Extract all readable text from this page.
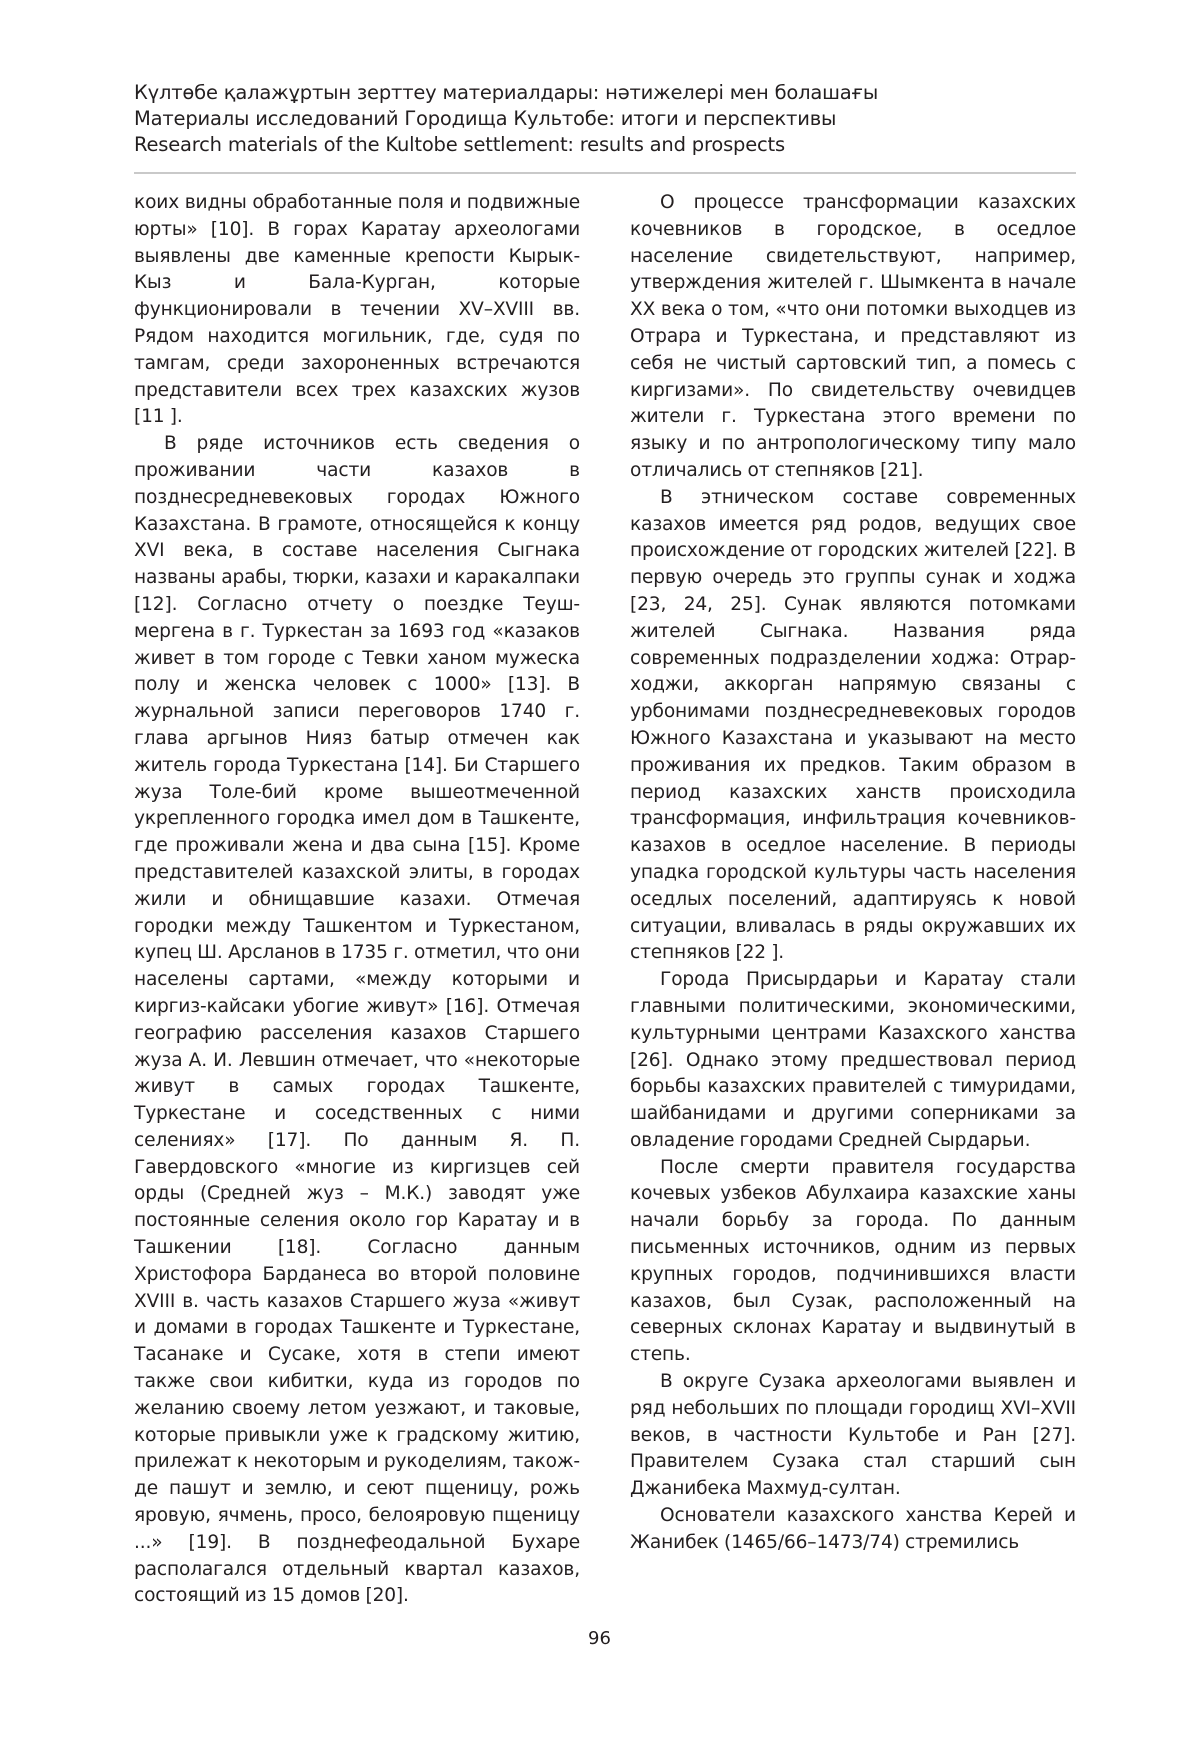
Күлтөбе қалажұртын зерттеу материалдары: нәтижелері мен болашағы
Материалы исследований Городища Культобе: итоги и перспективы
Research materials of the Kultobe settlement: results and prospects

коих видны обработанные поля и подвижные юрты» [10]. В горах Каратау археологами выявлены две каменные крепости Кырык-Кыз и Бала-Курган, которые функционировали в течении XV–XVIII вв. Рядом находится могильник, где, судя по тамгам, среди захороненных встречаются представители всех трех казахских жузов [11 ].

В ряде источников есть сведения о проживании части казахов в позднесредневековых городах Южного Казахстана. В грамоте, относящейся к концу XVI века, в составе населения Сыгнака названы арабы, тюрки, казахи и каракалпаки [12]. Согласно отчету о поездке Теуш-мергена в г. Туркестан за 1693 год «казаков живет в том городе с Тевки ханом мужеска полу и женска человек с 1000» [13]. В журнальной записи переговоров 1740 г. глава аргынов Нияз батыр отмечен как житель города Туркестана [14]. Би Старшего жуза Толе-бий кроме вышеотмеченной укрепленного городка имел дом в Ташкенте, где проживали жена и два сына [15]. Кроме представителей казахской элиты, в городах жили и обнищавшие казахи. Отмечая городки между Ташкентом и Туркестаном, купец Ш. Арсланов в 1735 г. отметил, что они населены сартами, «между которыми и киргиз-кайсаки убогие живут» [16]. Отмечая географию расселения казахов Старшего жуза А. И. Левшин отмечает, что «некоторые живут в самых городах Ташкенте, Туркестане и соседственных с ними селениях» [17]. По данным Я. П. Гавердовского «многие из киргизцев сей орды (Средней жуз – М.К.) заводят уже постоянные селения около гор Каратау и в Ташкении [18]. Согласно данным Христофора Барданеса во второй половине XVIII в. часть казахов Старшего жуза «живут и домами в городах Ташкенте и Туркестане, Тасанаке и Сусаке, хотя в степи имеют также свои кибитки, куда из городов по желанию своему летом уезжают, и таковые, которые привыкли уже к градскому житию, прилежат к некоторым и рукоделиям, також-де пашут и землю, и сеют пщеницу, рожь яровую, ячмень, просо, белояровую пщеницу ...» [19]. В позднефеодальной Бухаре располагался отдельный квартал казахов, состоящий из 15 домов [20].

О процессе трансформации казахских кочевников в городское, в оседлое население свидетельствуют, например, утверждения жителей г. Шымкента в начале XX века о том, «что они потомки выходцев из Отрара и Туркестана, и представляют из себя не чистый сартовский тип, а помесь с киргизами». По свидетельству очевидцев жители г. Туркестана этого времени по языку и по антропологическому типу мало отличались от степняков [21].

В этническом составе современных казахов имеется ряд родов, ведущих свое происхождение от городских жителей [22]. В первую очередь это группы сунак и ходжа [23, 24, 25]. Сунак являются потомками жителей Сыгнака. Названия ряда современных подразделении ходжа: Отрар-ходжи, аккорган напрямую связаны с урбонимами позднесредневековых городов Южного Казахстана и указывают на место проживания их предков. Таким образом в период казахских ханств происходила трансформация, инфильтрация кочевников-казахов в оседлое население. В периоды упадка городской культуры часть населения оседлых поселений, адаптируясь к новой ситуации, вливалась в ряды окружавших их степняков [22 ].

Города Присырдарьи и Каратау стали главными политическими, экономическими, культурными центрами Казахского ханства [26]. Однако этому предшествовал период борьбы казахских правителей с тимуридами, шайбанидами и другими соперниками за овладение городами Средней Сырдарьи.

После смерти правителя государства кочевых узбеков Абулхаира казахские ханы начали борьбу за города. По данным письменных источников, одним из первых крупных городов, подчинившихся власти казахов, был Сузак, расположенный на северных склонах Каратау и выдвинутый в степь.

В округе Сузака археологами выявлен и ряд небольших по площади городищ XVI–XVII веков, в частности Культобе и Ран [27]. Правителем Сузака стал старший сын Джанибека Махмуд-султан.

Основатели казахского ханства Керей и Жанибек (1465/66–1473/74) стремились

96
